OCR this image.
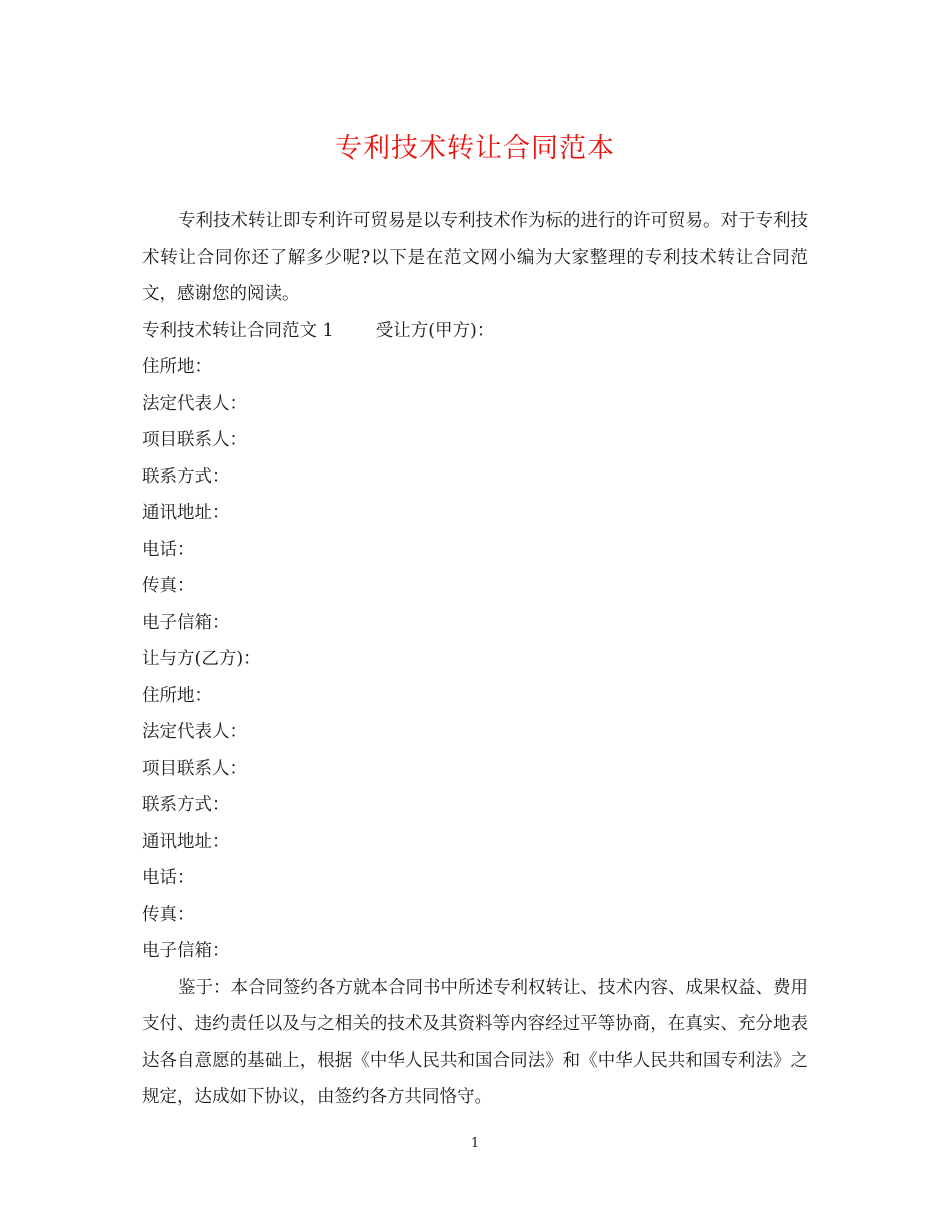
专利技术转让合同范本

专利技术转让即专利许可贸易是以专利技术作为标的进行的许可贸易。对于专利技术转让合同你还了解多少呢?以下是在范文网小编为大家整理的专利技术转让合同范文，感谢您的阅读。

专利技术转让合同范文 1 受让方(甲方)：

住所地：

法定代表人：

项目联系人：

联系方式：

通讯地址：

电话：

传真：

电子信箱：

让与方(乙方)：

住所地：

法定代表人：

项目联系人：

联系方式：

通讯地址：

电话：

传真：

电子信箱：

鉴于：本合同签约各方就本合同书中所述专利权转让、技术内容、成果权益、费用支付、违约责任以及与之相关的技术及其资料等内容经过平等协商，在真实、充分地表达各自意愿的基础上，根据《中华人民共和国合同法》和《中华人民共和国专利法》之规定，达成如下协议，由签约各方共同恪守。

1
